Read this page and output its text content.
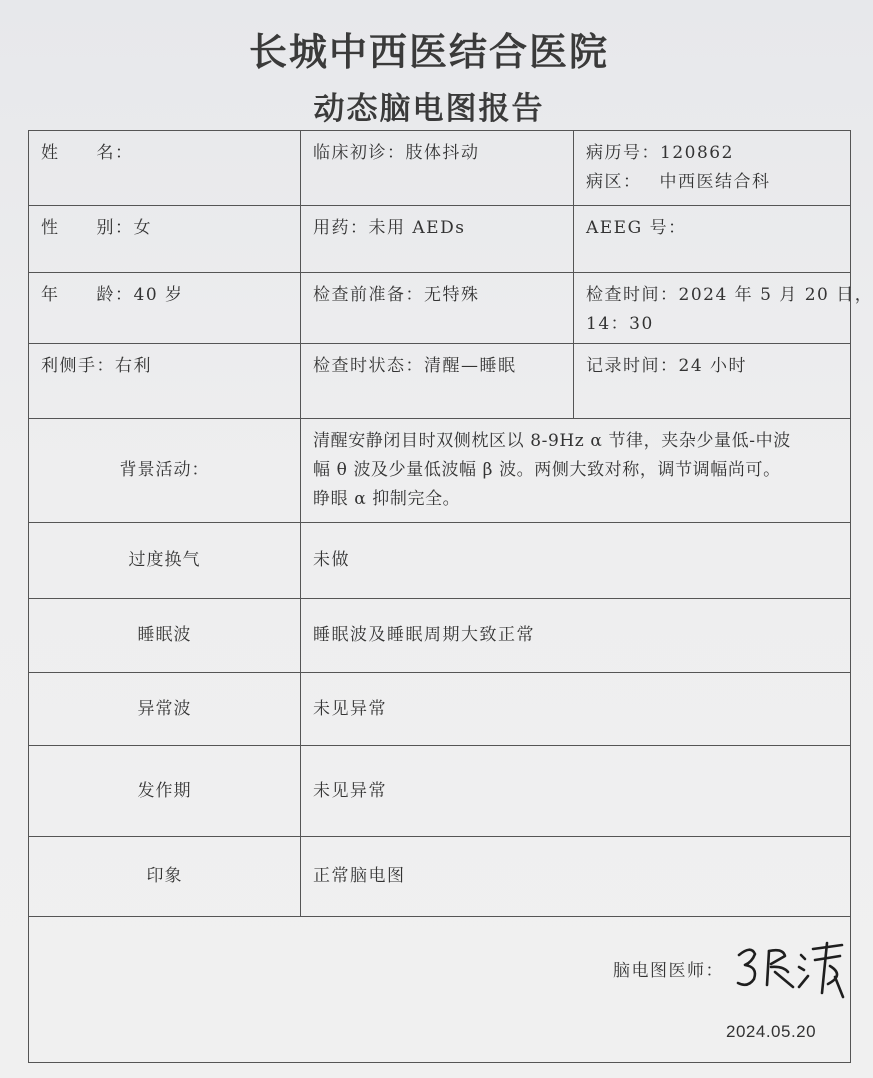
长城中西医结合医院
动态脑电图报告
姓　　名：	临床初诊：肢体抖动	病历号：120862
病区： 中西医结合科
性　　别：女	用药：未用 AEDs	AEEG 号：
年　　龄：40 岁	检查前准备：无特殊	检查时间：2024 年 5 月 20 日，
14：30
利侧手：右利	检查时状态：清醒—睡眠	记录时间：24 小时
背景活动：
清醒安静闭目时双侧枕区以 8-9Hz α 节律，夹杂少量低-中波
幅 θ 波及少量低波幅 β 波。两侧大致对称，调节调幅尚可。
睁眼 α 抑制完全。
过度换气	未做
睡眠波	睡眠波及睡眠周期大致正常
异常波	未见异常
发作期	未见异常
印象	正常脑电图
脑电图医师：
2024.05.20
